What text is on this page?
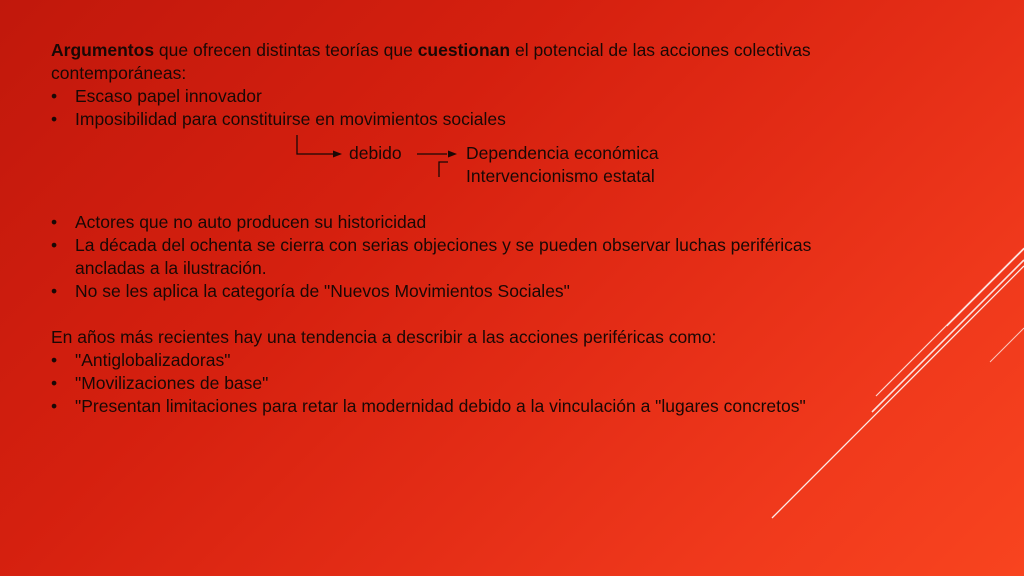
Argumentos que ofrecen distintas teorías que cuestionan el potencial de las acciones colectivas
contemporáneas:
• Escaso papel innovador
• Imposibilidad para constituirse en movimientos sociales
debido	Dependencia económica
Intervencionismo estatal
• Actores que no auto producen su historicidad
• La década del ochenta se cierra con serias objeciones y se pueden observar luchas periféricas
ancladas a la ilustración.
• No se les aplica la categoría de "Nuevos Movimientos Sociales"
En años más recientes hay una tendencia a describir a las acciones periféricas como:
• "Antiglobalizadoras"
• "Movilizaciones de base"
• "Presentan limitaciones para retar la modernidad debido a la vinculación a "lugares concretos"
